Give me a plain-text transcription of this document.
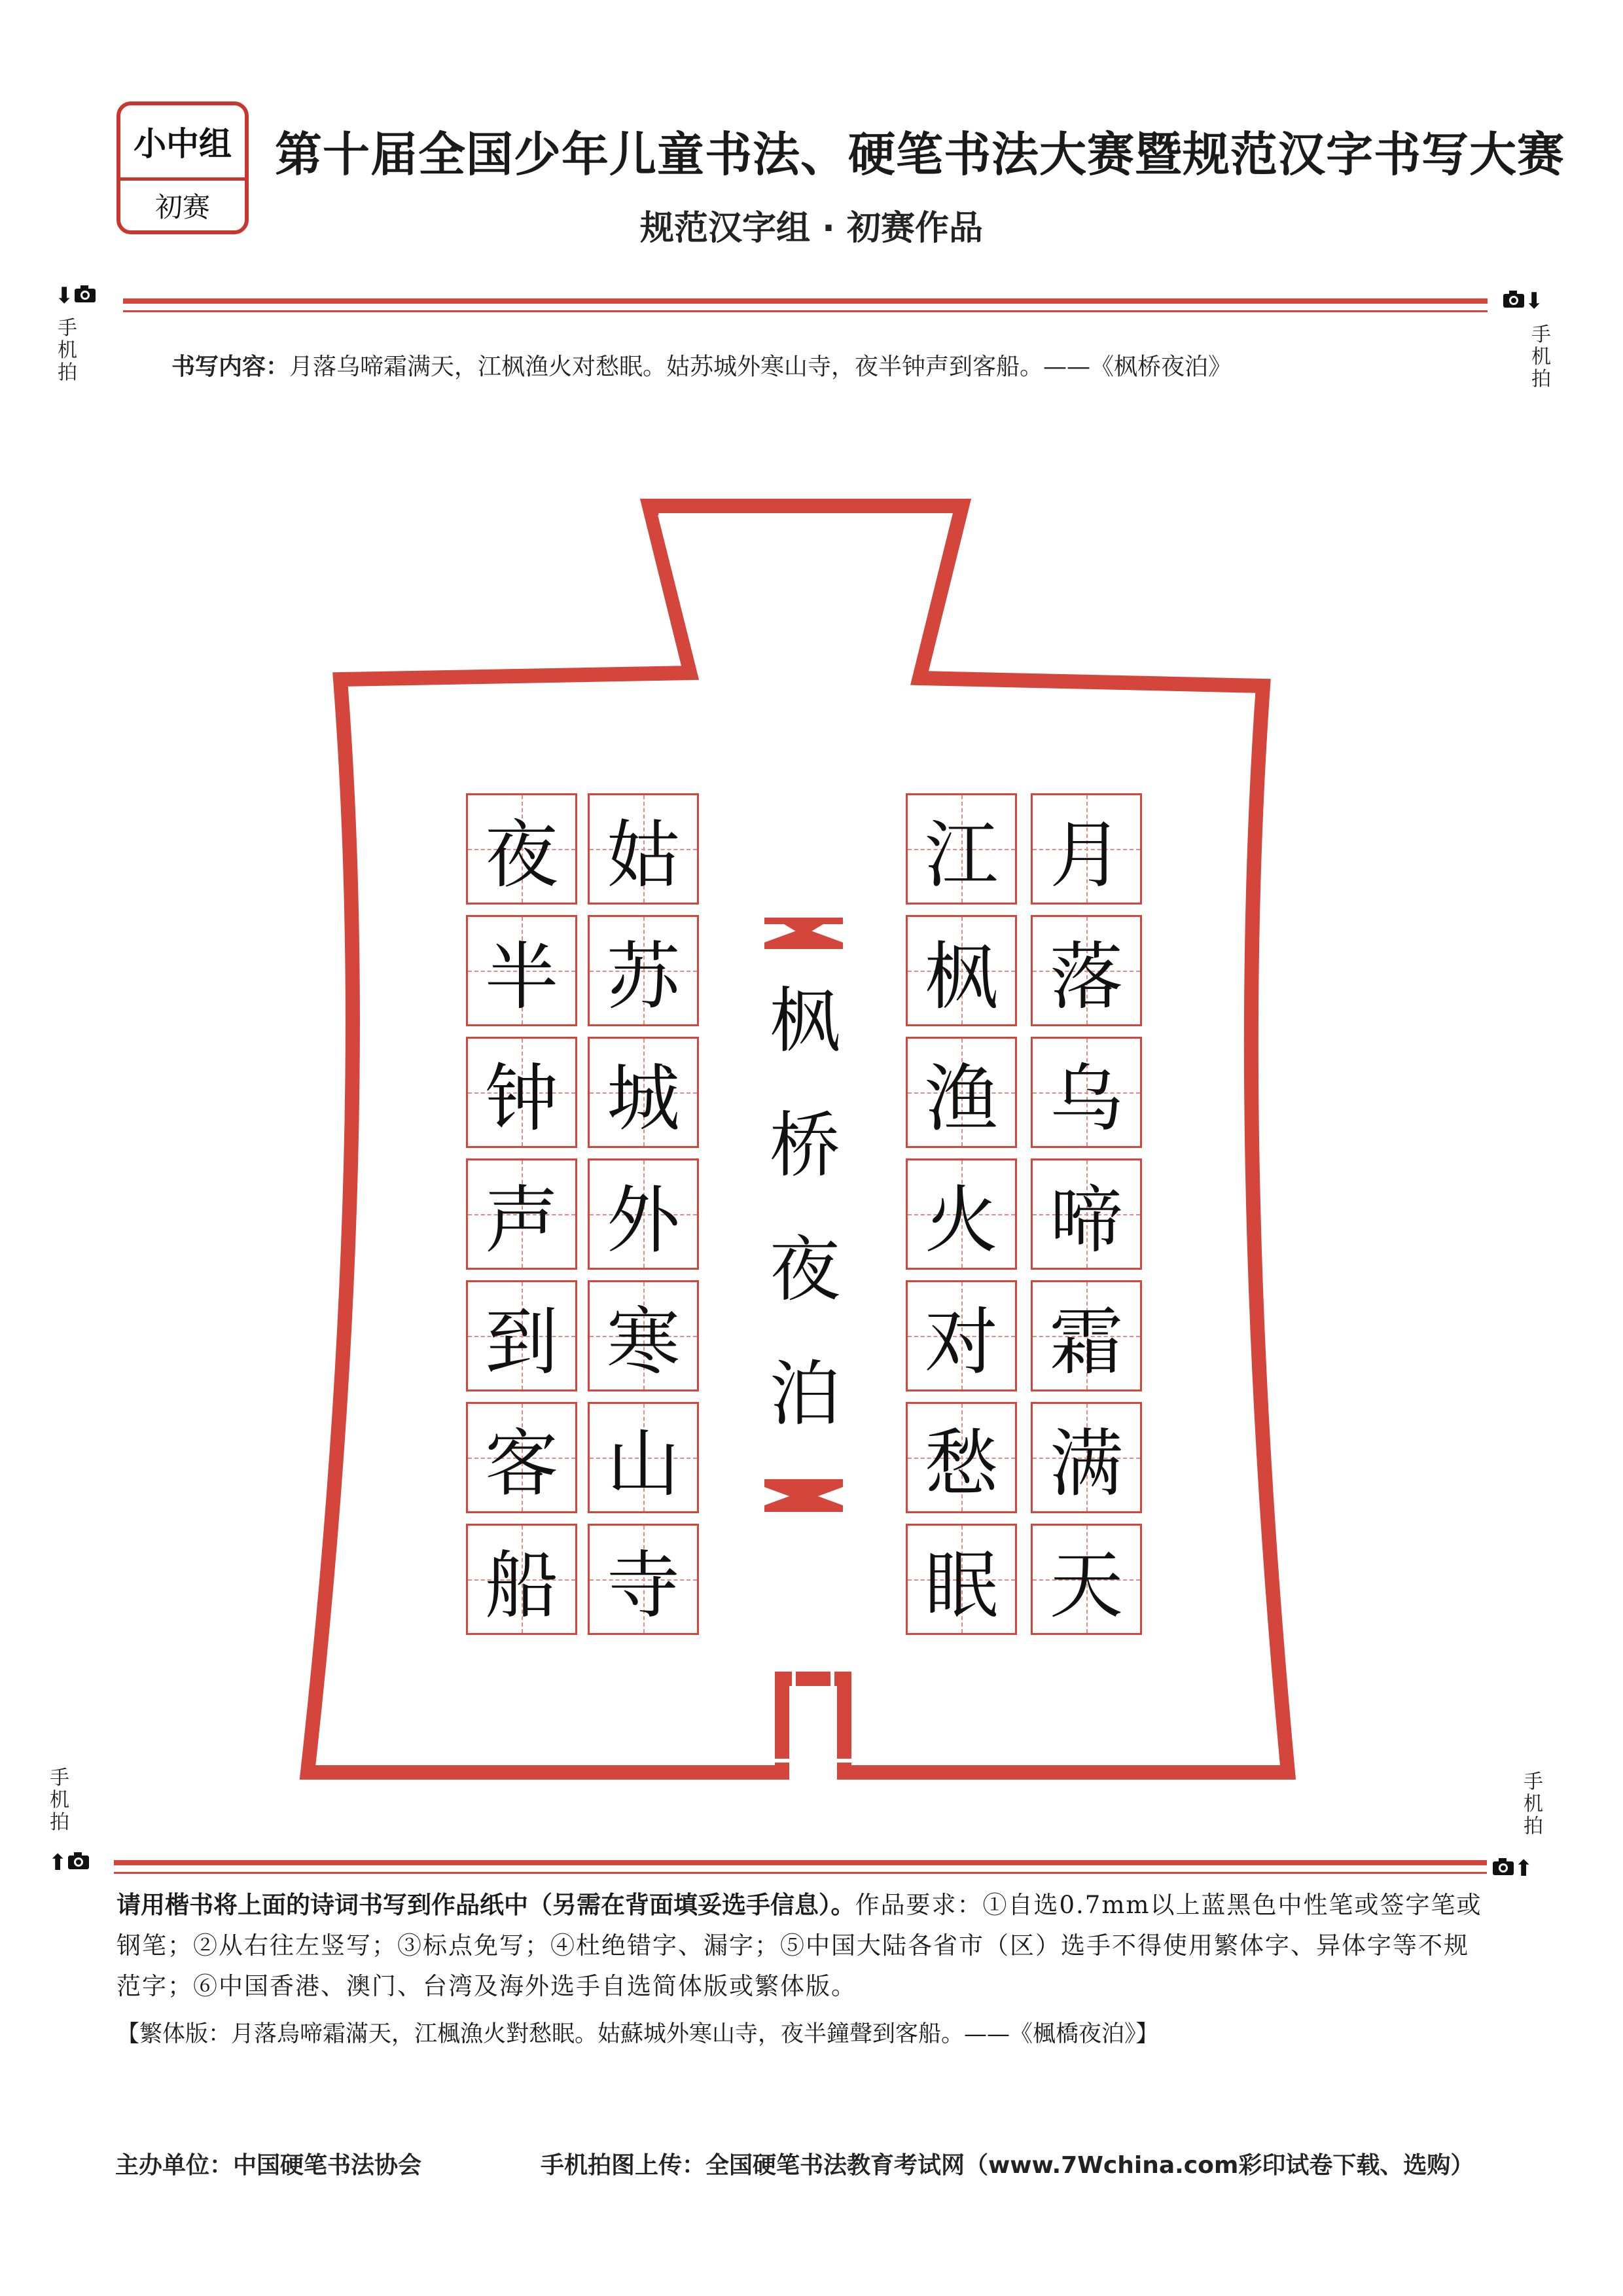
小中组
初赛
第十届全国少年儿童书法、硬笔书法大赛暨规范汉字书写大赛
规范汉字组 · 初赛作品
⬇
手
机
拍
⬇
手
机
拍
书写内容：月落乌啼霜满天，江枫渔火对愁眠。姑苏城外寒山寺，夜半钟声到客船。——《枫桥夜泊》
月
落
乌
啼
霜
满
天
江
枫
渔
火
对
愁
眠
姑
苏
城
外
寒
山
寺
夜
半
钟
声
到
客
船
枫
桥
夜
泊
手
机
拍
⬆
手
机
拍
⬆
请用楷书将上面的诗词书写到作品纸中（另需在背面填妥选手信息）。作品要求：①自选0.7mm以上蓝黑色中性笔或签字笔或钢笔；②从右往左竖写；③标点免写；④杜绝错字、漏字；⑤中国大陆各省市（区）选手不得使用繁体字、异体字等不规范字；⑥中国香港、澳门、台湾及海外选手自选简体版或繁体版。
【繁体版：月落烏啼霜滿天，江楓漁火對愁眠。姑蘇城外寒山寺，夜半鐘聲到客船。——《楓橋夜泊》】
主办单位：中国硬笔书法协会	手机拍图上传：全国硬笔书法教育考试网（www.7Wchina.com彩印试卷下载、选购）
